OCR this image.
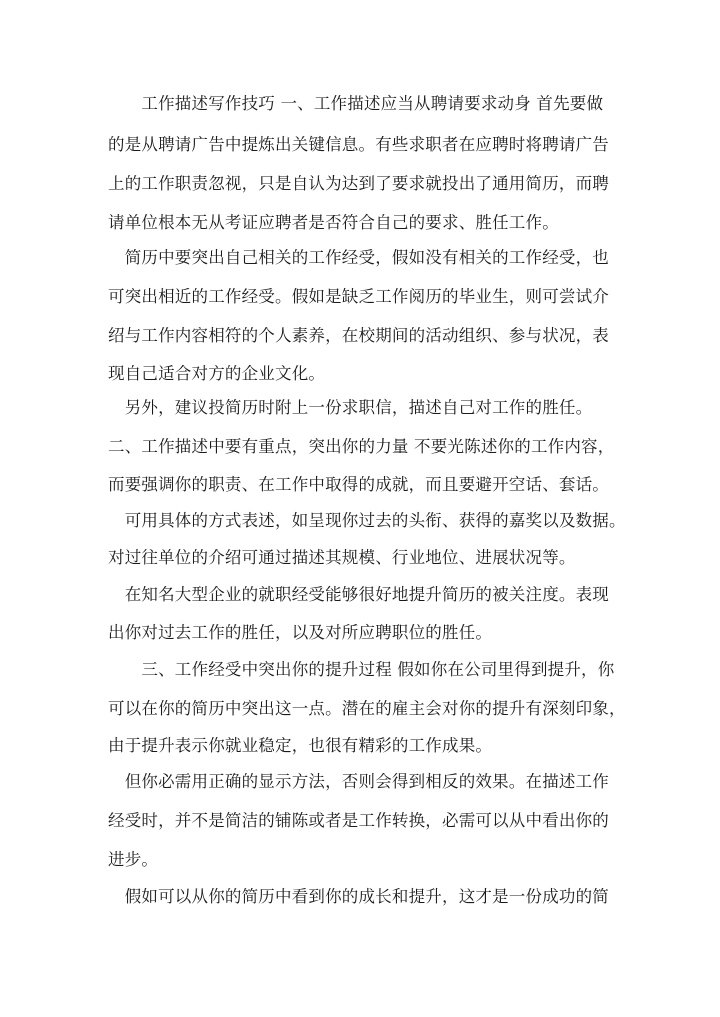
　　工作描述写作技巧 一、工作描述应当从聘请要求动身 首先要做
的是从聘请广告中提炼出关键信息。有些求职者在应聘时将聘请广告
上的工作职责忽视，只是自认为达到了要求就投出了通用简历，而聘
请单位根本无从考证应聘者是否符合自己的要求、胜任工作。
　简历中要突出自己相关的工作经受，假如没有相关的工作经受，也
可突出相近的工作经受。假如是缺乏工作阅历的毕业生，则可尝试介
绍与工作内容相符的个人素养，在校期间的活动组织、参与状况，表
现自己适合对方的企业文化。
　另外，建议投简历时附上一份求职信，描述自己对工作的胜任。
二、工作描述中要有重点，突出你的力量 不要光陈述你的工作内容，
而要强调你的职责、在工作中取得的成就，而且要避开空话、套话。
　可用具体的方式表述，如呈现你过去的头衔、获得的嘉奖以及数据。
对过往单位的介绍可通过描述其规模、行业地位、进展状况等。
　在知名大型企业的就职经受能够很好地提升简历的被关注度。表现
出你对过去工作的胜任，以及对所应聘职位的胜任。
　　三、工作经受中突出你的提升过程 假如你在公司里得到提升，你
可以在你的简历中突出这一点。潜在的雇主会对你的提升有深刻印象，
由于提升表示你就业稳定，也很有精彩的工作成果。
　但你必需用正确的显示方法，否则会得到相反的效果。在描述工作
经受时，并不是简洁的铺陈或者是工作转换，必需可以从中看出你的
进步。
　假如可以从你的简历中看到你的成长和提升，这才是一份成功的简
